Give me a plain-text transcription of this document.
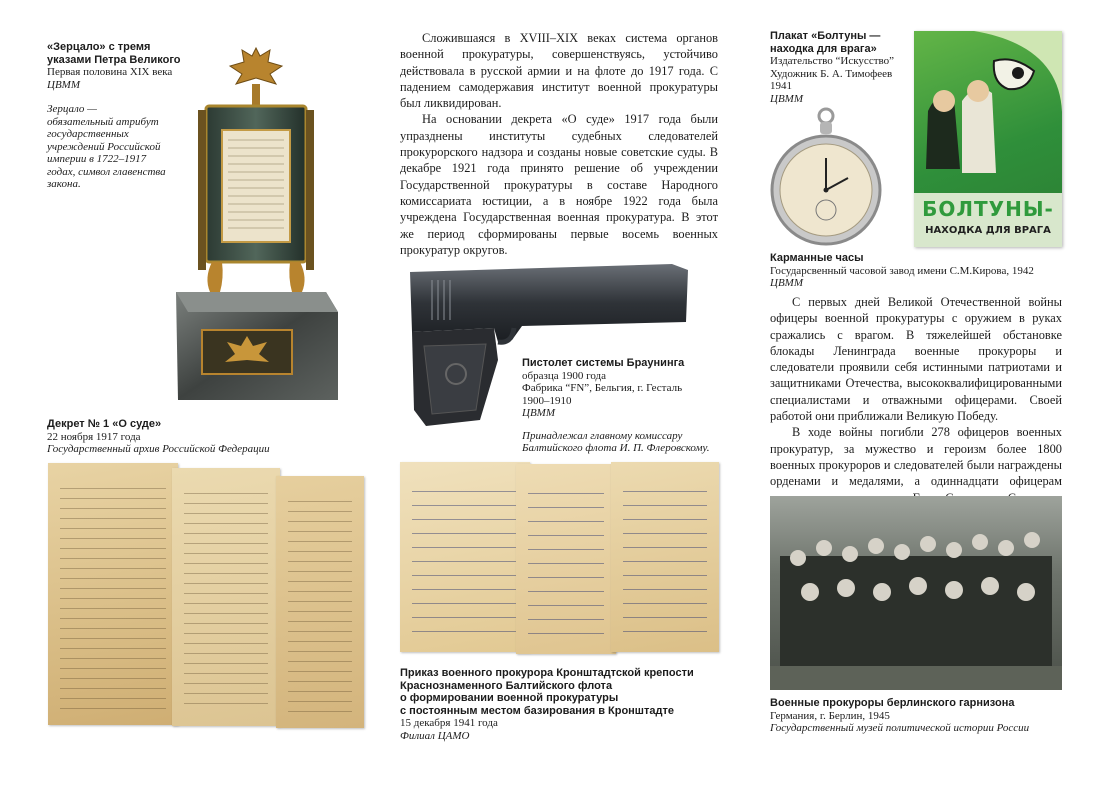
«Зерцало» с тремя
указами Петра Великого
Первая половина XIX века
ЦВММ
Зерцало —
обязательный атрибут
государственных
учреждений Российской
империи в 1722–1917
годах, символ главенства
закона.
Декрет № 1 «О суде»
22 ноября 1917 года
Государственный архив Российской Федерации

Сложившаяся в XVIII–XIX веках система органов военной прокуратуры, совершенствуясь, устойчиво действовала в русской армии и на флоте до 1917 года. С падением самодержавия институт военной прокуратуры был ликвидирован.

На основании декрета «О суде» 1917 года были упразднены институты судебных следователей прокурорского надзора и созданы новые советские суды. В декабре 1921 года принято решение об учреждении Государственной прокуратуры в составе Народного комиссариата юстиции, а в ноябре 1922 года была учреждена Государственная военная прокуратура. В этот же период сформированы первые восемь военных прокуратур округов.

Пистолет системы Браунинга
образца 1900 года
Фабрика “FN”, Бельгия, г. Гесталь
1900–1910
ЦВММ
Принадлежал главному комиссару
Балтийского флота И. П. Флеровскому.
Приказ военного прокурора Кронштадтской крепости
Краснознаменного Балтийского флота
о формировании военной прокуратуры
с постоянным местом базирования в Кронштадте
15 декабря 1941 года
Филиал ЦАМО
Плакат «Болтуны —
находка для врага»
Издательство “Искусство”
Художник Б. А. Тимофеев
1941
ЦВММ
БОЛТУНЫ-
НАХОДКА ДЛЯ ВРАГА
Карманные часы
Госудaрсвенный часовой завод имени С.М.Кирова, 1942
ЦВММ

С первых дней Великой Отечественной войны офицеры военной прокуратуры с оружием в руках сражались с врагом. В тяжелейшей обстановке блокады Ленинграда военные прокуроры и следователи проявили себя истинными патриотами и защитниками Отечества, высококвалифицированными специалистами и отважными офицерами. Своей работой они приближали Великую Победу.

В ходе войны погибли 278 офицеров военных прокуратур, за мужество и героизм более 1800 военных прокуроров и следователей были награждены орденами и медалями, а одиннадцати офицерам

Военные прокуроры берлинского гарнизона
Германия, г. Берлин, 1945
Государственный музей политической истории России
